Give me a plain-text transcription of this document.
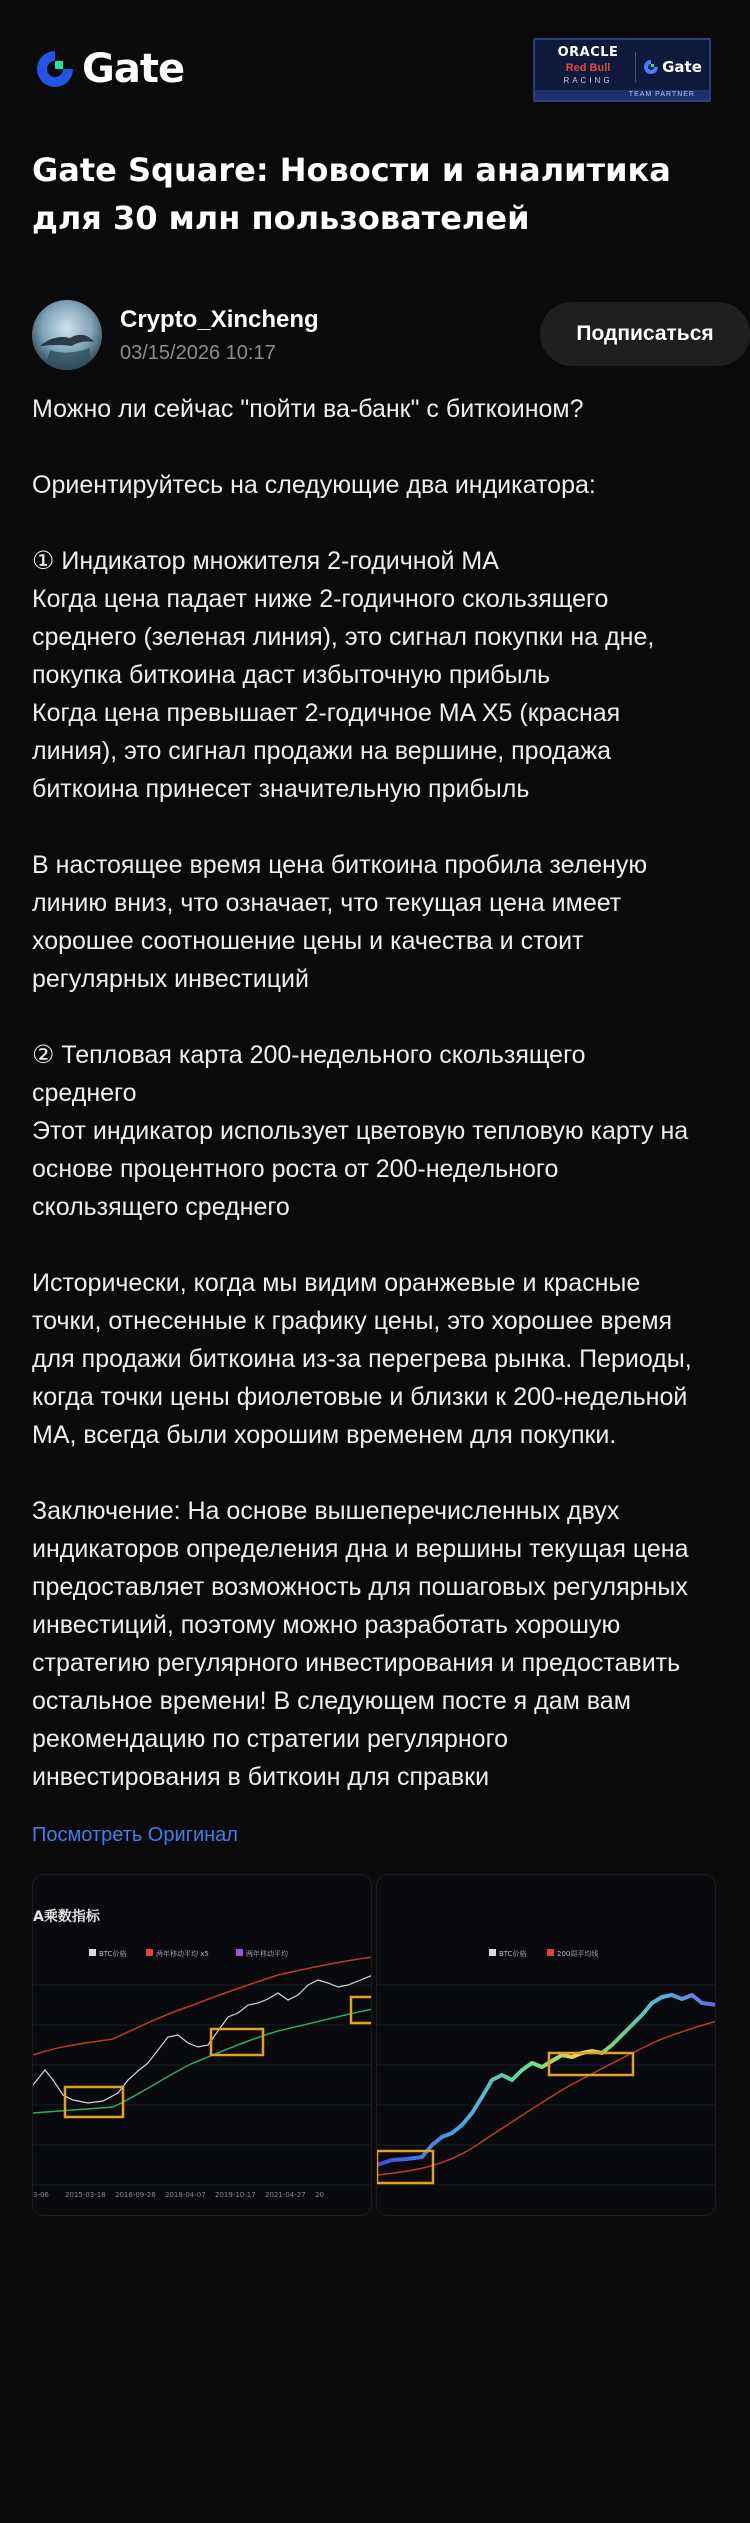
Gate	ORACLE
Red Bull
RACING
Gate
TEAM PARTNER
Gate Square: Новости и аналитика для 30 млн пользователей
Crypto_Xincheng
03/15/2026 10:17
Подписаться
Можно ли сейчас "пойти ва-банк" с биткоином?
Ориентируйтесь на следующие два индикатора:
① Индикатор множителя 2-годичной MA
Когда цена падает ниже 2-годичного скользящего
среднего (зеленая линия), это сигнал покупки на дне,
покупка биткоина даст избыточную прибыль
Когда цена превышает 2-годичное MA X5 (красная
линия), это сигнал продажи на вершине, продажа
биткоина принесет значительную прибыль
В настоящее время цена биткоина пробила зеленую
линию вниз, что означает, что текущая цена имеет
хорошее соотношение цены и качества и стоит
регулярных инвестиций
② Тепловая карта 200-недельного скользящего
среднего
Этот индикатор использует цветовую тепловую карту на
основе процентного роста от 200-недельного
скользящего среднего
Исторически, когда мы видим оранжевые и красные
точки, отнесенные к графику цены, это хорошее время
для продажи биткоина из-за перегрева рынка. Периоды,
когда точки цены фиолетовые и близки к 200-недельной
MA, всегда были хорошим временем для покупки.
Заключение: На основе вышеперечисленных двух
индикаторов определения дна и вершины текущая цена
предоставляет возможность для пошаговых регулярных
инвестиций, поэтому можно разработать хорошую
стратегию регулярного инвестирования и предоставить
остальное времени! В следующем посте я дам вам
рекомендацию по стратегии регулярного
инвестирования в биткоин для справки
Посмотреть Оригинал
A乘数指标
BTC价格	两年移动平均 x5	两年移动平均
3-06 2015-03-18 2016-09-26 2018-04-07 2019-10-17 2021-04-27 20
BTC价格	200周平均线
